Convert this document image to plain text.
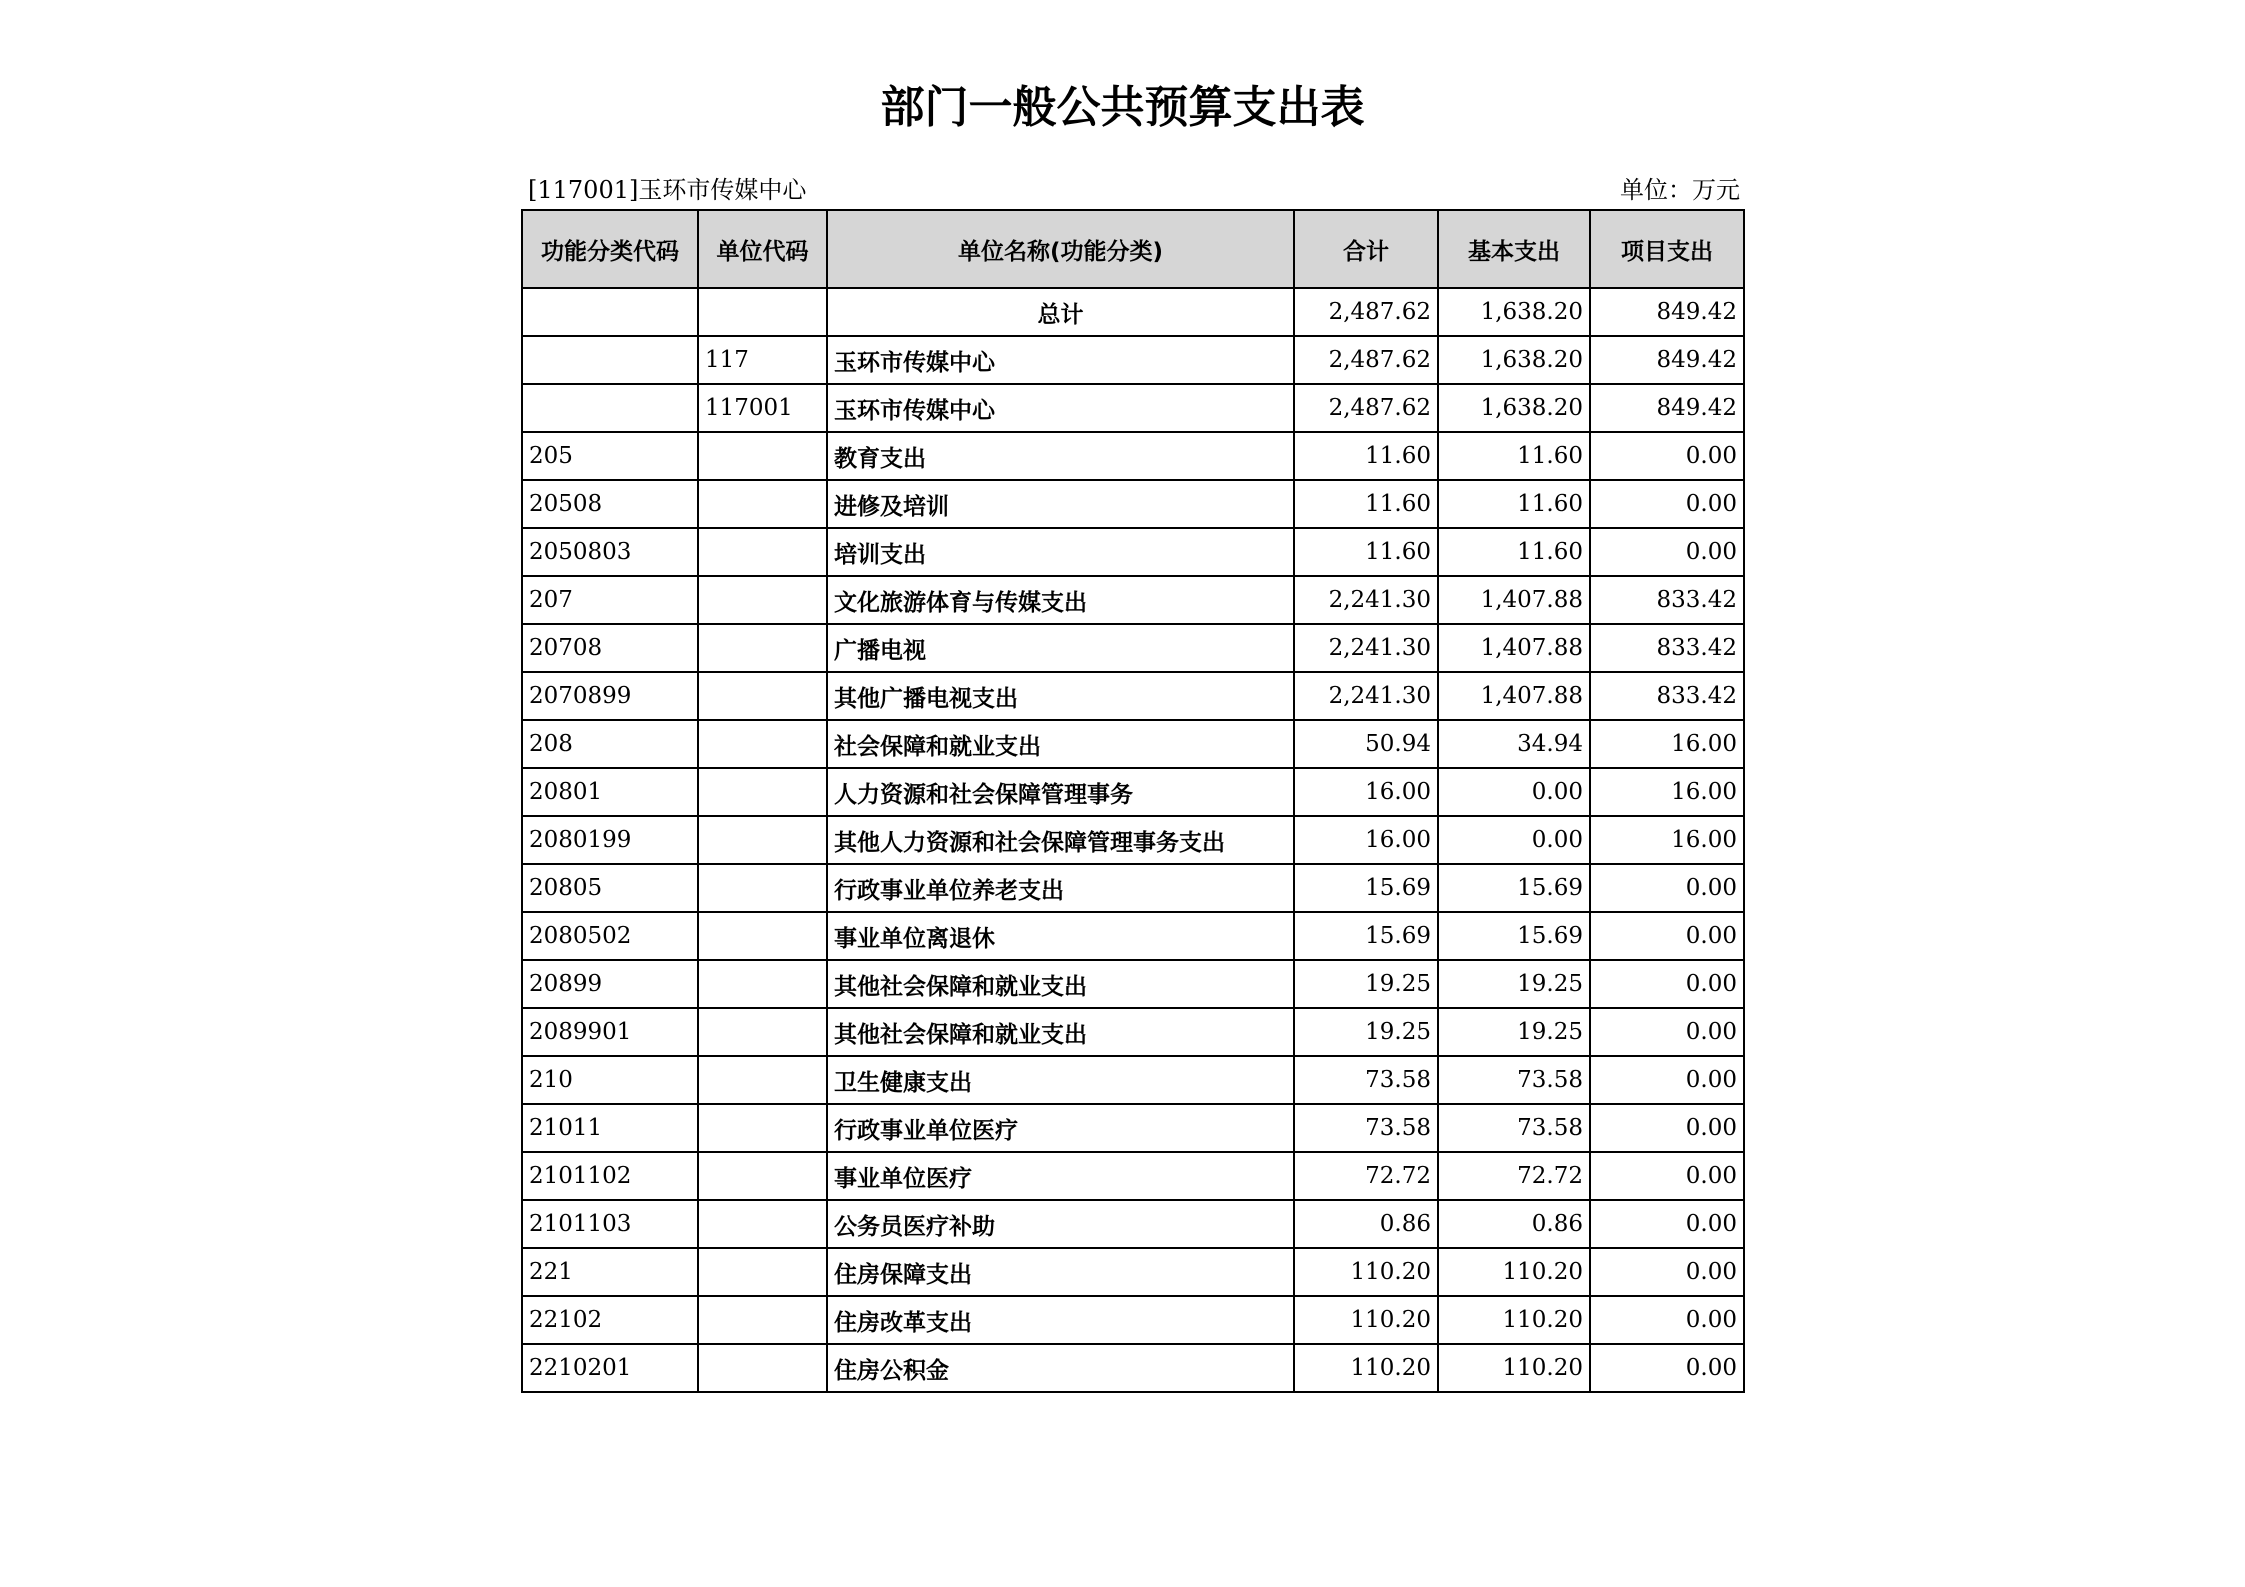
部门一般公共预算支出表
[117001]玉环市传媒中心	单位：万元
功能分类代码	单位代码	单位名称(功能分类)	合计	基本支出	项目支出
		总计	2,487.62	1,638.20	849.42
	117	玉环市传媒中心	2,487.62	1,638.20	849.42
	117001	玉环市传媒中心	2,487.62	1,638.20	849.42
205		教育支出	11.60	11.60	0.00
20508		进修及培训	11.60	11.60	0.00
2050803		培训支出	11.60	11.60	0.00
207		文化旅游体育与传媒支出	2,241.30	1,407.88	833.42
20708		广播电视	2,241.30	1,407.88	833.42
2070899		其他广播电视支出	2,241.30	1,407.88	833.42
208		社会保障和就业支出	50.94	34.94	16.00
20801		人力资源和社会保障管理事务	16.00	0.00	16.00
2080199		其他人力资源和社会保障管理事务支出	16.00	0.00	16.00
20805		行政事业单位养老支出	15.69	15.69	0.00
2080502		事业单位离退休	15.69	15.69	0.00
20899		其他社会保障和就业支出	19.25	19.25	0.00
2089901		其他社会保障和就业支出	19.25	19.25	0.00
210		卫生健康支出	73.58	73.58	0.00
21011		行政事业单位医疗	73.58	73.58	0.00
2101102		事业单位医疗	72.72	72.72	0.00
2101103		公务员医疗补助	0.86	0.86	0.00
221		住房保障支出	110.20	110.20	0.00
22102		住房改革支出	110.20	110.20	0.00
2210201		住房公积金	110.20	110.20	0.00
